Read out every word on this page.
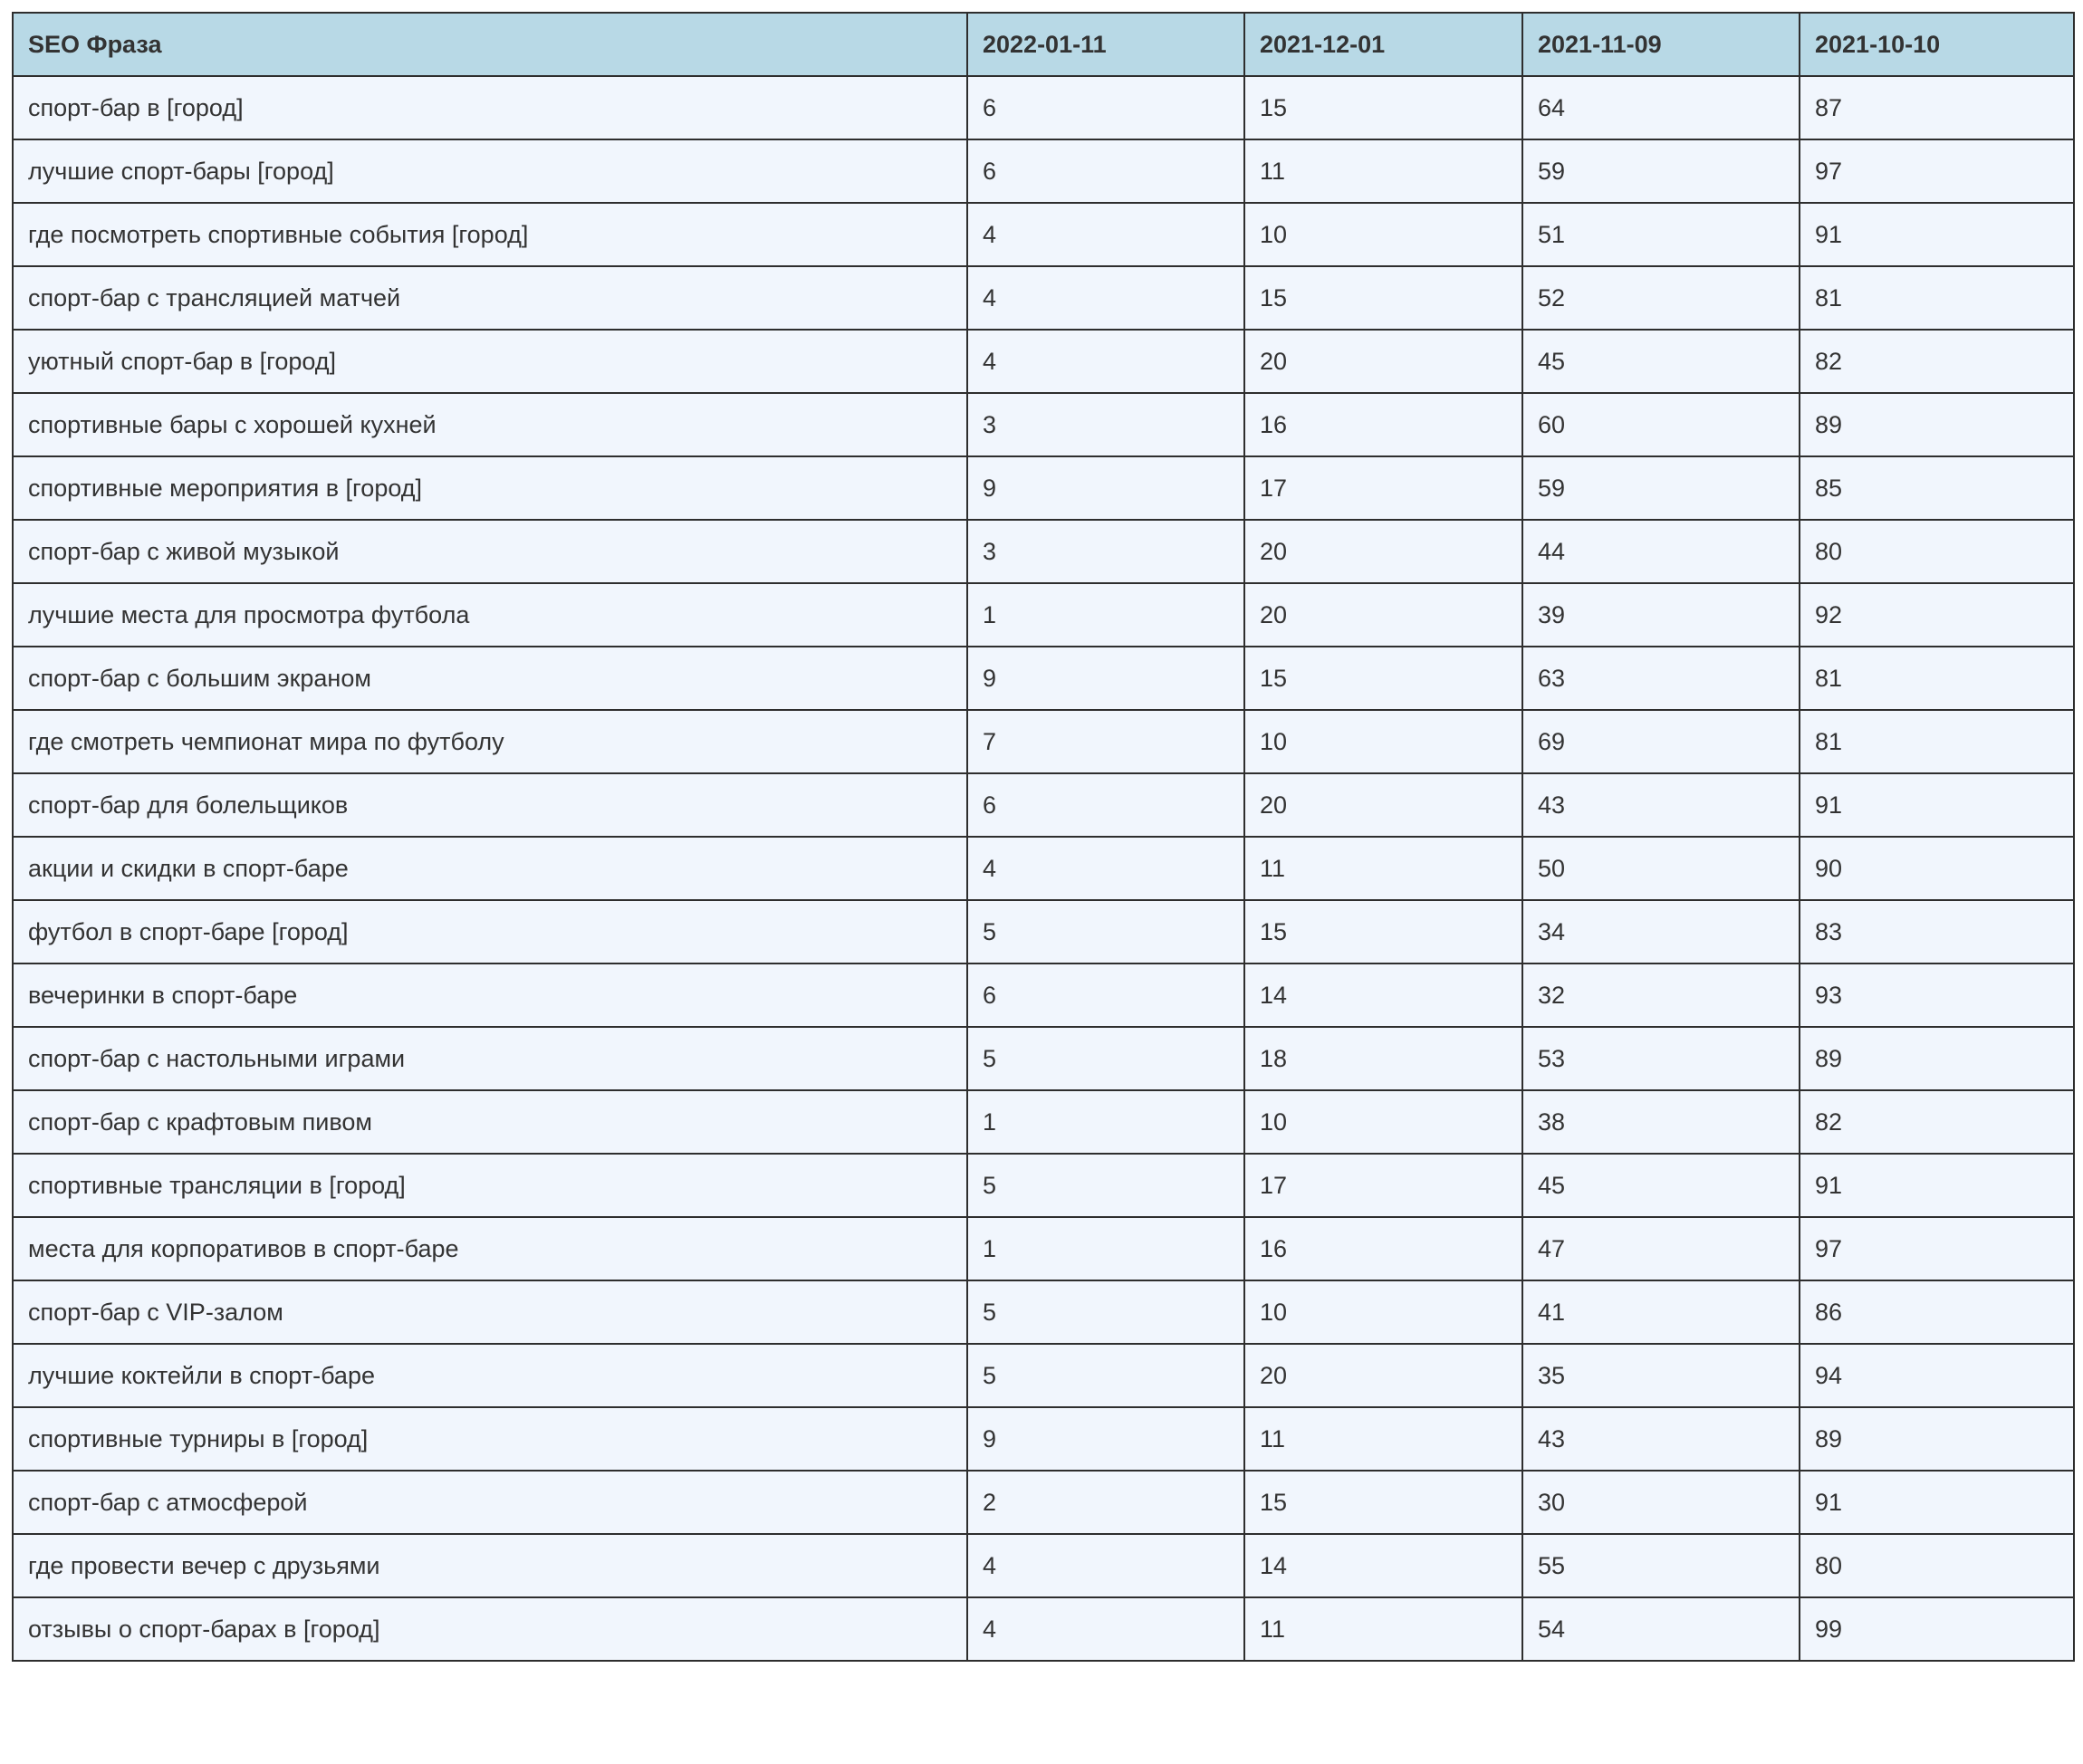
SEO Фраза	2022-01-11	2021-12-01	2021-11-09	2021-10-10
спорт-бар в [город]	6	15	64	87
лучшие спорт-бары [город]	6	11	59	97
где посмотреть спортивные события [город]	4	10	51	91
спорт-бар с трансляцией матчей	4	15	52	81
уютный спорт-бар в [город]	4	20	45	82
спортивные бары с хорошей кухней	3	16	60	89
спортивные мероприятия в [город]	9	17	59	85
спорт-бар с живой музыкой	3	20	44	80
лучшие места для просмотра футбола	1	20	39	92
спорт-бар с большим экраном	9	15	63	81
где смотреть чемпионат мира по футболу	7	10	69	81
спорт-бар для болельщиков	6	20	43	91
акции и скидки в спорт-баре	4	11	50	90
футбол в спорт-баре [город]	5	15	34	83
вечеринки в спорт-баре	6	14	32	93
спорт-бар с настольными играми	5	18	53	89
спорт-бар с крафтовым пивом	1	10	38	82
спортивные трансляции в [город]	5	17	45	91
места для корпоративов в спорт-баре	1	16	47	97
спорт-бар с VIP-залом	5	10	41	86
лучшие коктейли в спорт-баре	5	20	35	94
спортивные турниры в [город]	9	11	43	89
спорт-бар с атмосферой	2	15	30	91
где провести вечер с друзьями	4	14	55	80
отзывы о спорт-барах в [город]	4	11	54	99
